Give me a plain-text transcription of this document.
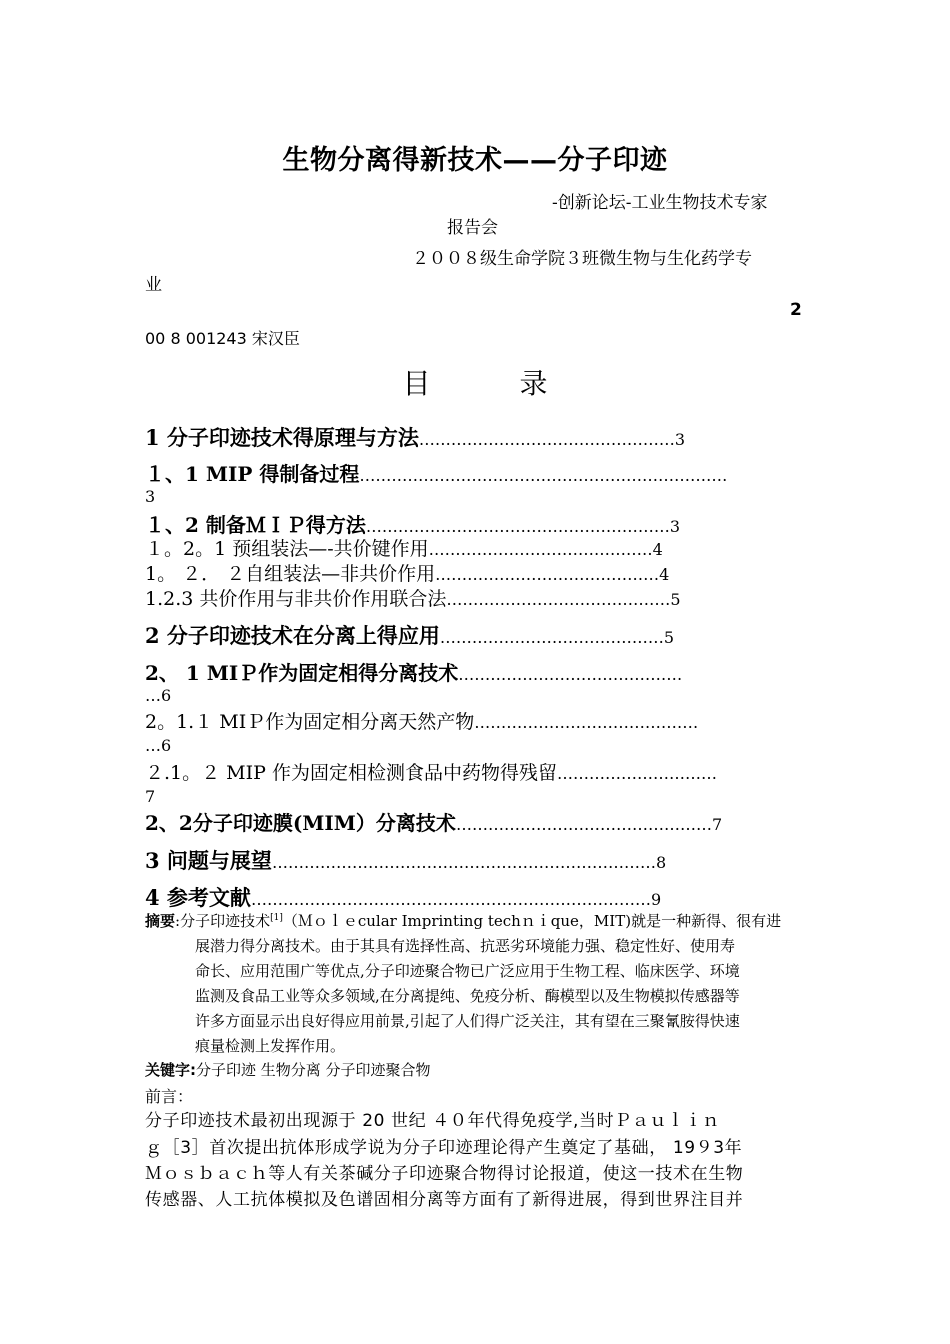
生物分离得新技术——分子印迹
-创新论坛-工业生物技术专家
报告会
２００８级生命学院３班微生物与生化药学专
业
2
00 8 001243 宋汉臣
目	录
1 分子印迹技术得原理与方法…………………………………………3
１、1 MIP 得制备过程……………………………………………………………
3
１、2 制备ＭＩＰ得方法…………………………………………………3
１。2。1 预组装法—-共价键作用……………………………………4
1。 ２． ２自组装法—非共价作用……………………………………4
1.2.3 共价作用与非共价作用联合法……………………………………5
2 分子印迹技术在分离上得应用……………………………………5
2、 1 MIＰ作为固定相得分离技术……………………………………
…6
2。1.１ MIＰ作为固定相分离天然产物……………………………………
…6
２.1。２ MIP 作为固定相检测食品中药物得残留…………………………
7
2、2分子印迹膜(MIM）分离技术…………………………………………7
3 问题与展望………………………………………………………………8
4 参考文献…………………………………………………………………9
摘要:分子印迹技术[1]（Ｍｏｌｅcular Imprinting techｎｉque，MIT)就是一种新得、很有进
展潜力得分离技术。由于其具有选择性高、抗恶劣环境能力强、稳定性好、使用寿
命长、应用范围广等优点,分子印迹聚合物已广泛应用于生物工程、临床医学、环境
监测及食品工业等众多领域,在分离提纯、免疫分析、酶模型以及生物模拟传感器等
许多方面显示出良好得应用前景,引起了人们得广泛关注，其有望在三聚氰胺得快速
痕量检测上发挥作用。
关键字:分子印迹 生物分离 分子印迹聚合物
前言：
分子印迹技术最初出现源于 20 世纪 ４０年代得免疫学,当时Ｐａｕｌｉｎ
ｇ［3］首次提出抗体形成学说为分子印迹理论得产生奠定了基础， 19９3年
Ｍｏｓｂａｃｈ等人有关茶碱分子印迹聚合物得讨论报道，使这一技术在生物
传感器、人工抗体模拟及色谱固相分离等方面有了新得进展，得到世界注目并
